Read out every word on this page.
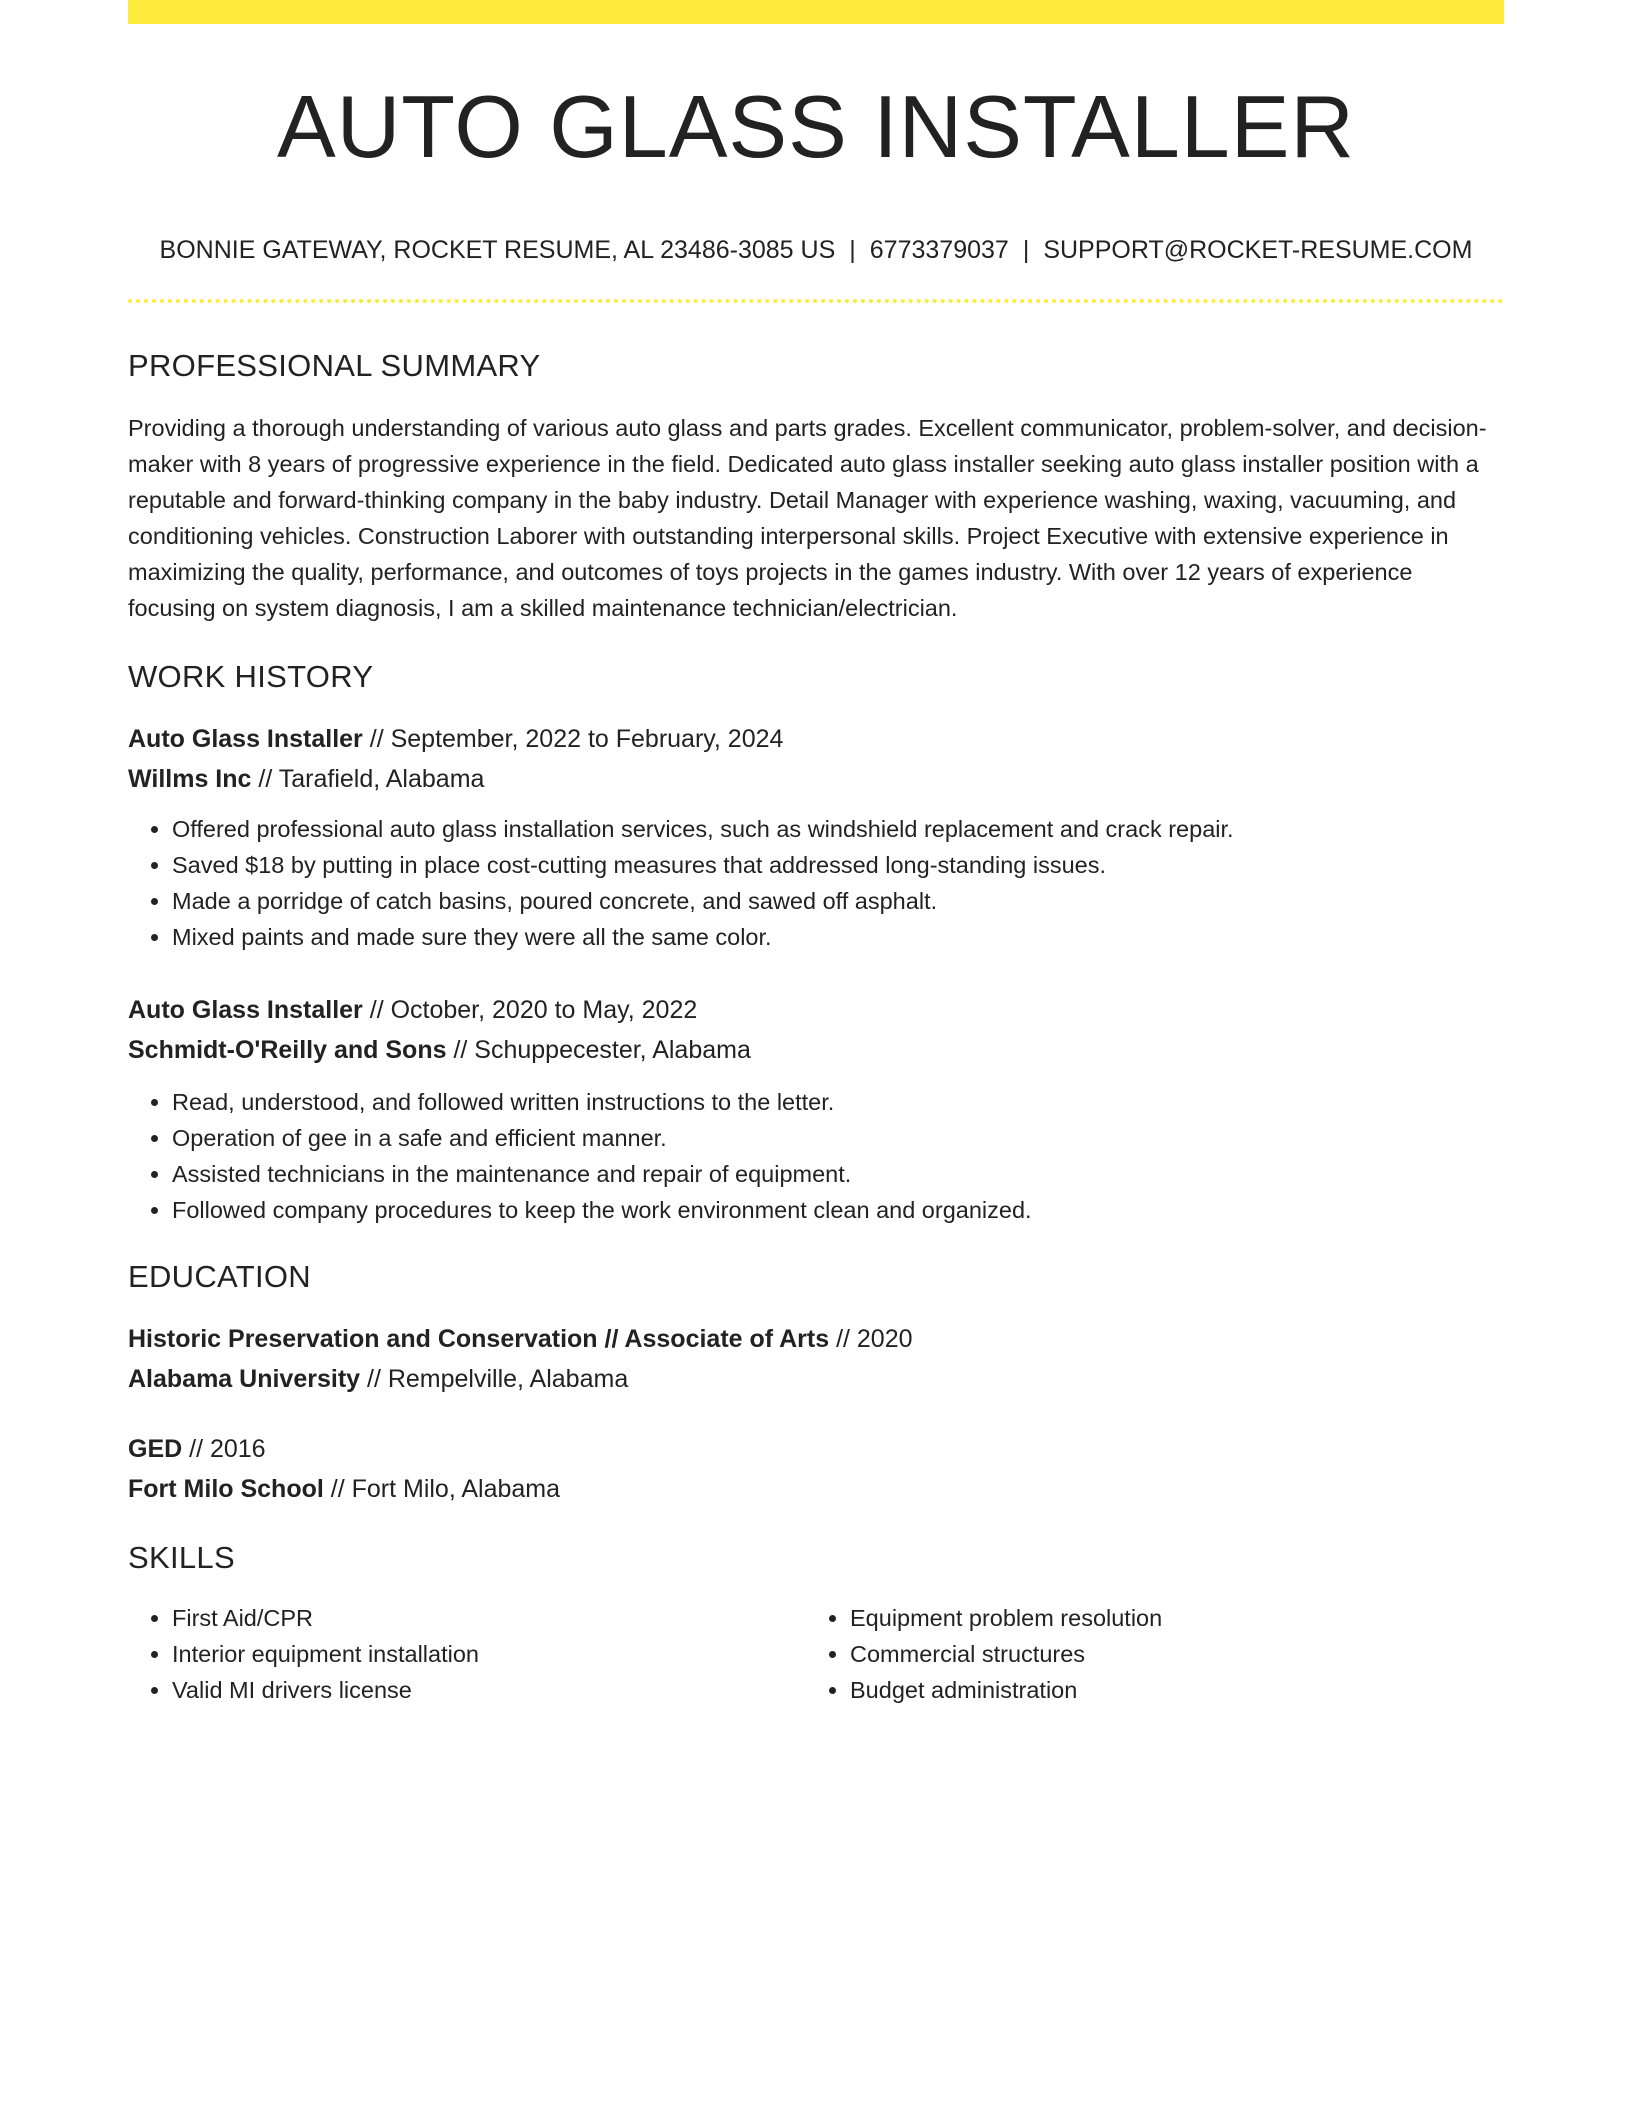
AUTO GLASS INSTALLER
BONNIE GATEWAY, ROCKET RESUME, AL 23486-3085 US | 6773379037 | SUPPORT@ROCKET-RESUME.COM
PROFESSIONAL SUMMARY
Providing a thorough understanding of various auto glass and parts grades. Excellent communicator, problem-solver, and decision-maker with 8 years of progressive experience in the field. Dedicated auto glass installer seeking auto glass installer position with a reputable and forward-thinking company in the baby industry. Detail Manager with experience washing, waxing, vacuuming, and conditioning vehicles. Construction Laborer with outstanding interpersonal skills. Project Executive with extensive experience in maximizing the quality, performance, and outcomes of toys projects in the games industry. With over 12 years of experience focusing on system diagnosis, I am a skilled maintenance technician/electrician.
WORK HISTORY
Auto Glass Installer // September, 2022 to February, 2024
Willms Inc // Tarafield, Alabama
• Offered professional auto glass installation services, such as windshield replacement and crack repair.
• Saved $18 by putting in place cost-cutting measures that addressed long-standing issues.
• Made a porridge of catch basins, poured concrete, and sawed off asphalt.
• Mixed paints and made sure they were all the same color.
Auto Glass Installer // October, 2020 to May, 2022
Schmidt-O'Reilly and Sons // Schuppecester, Alabama
• Read, understood, and followed written instructions to the letter.
• Operation of gee in a safe and efficient manner.
• Assisted technicians in the maintenance and repair of equipment.
• Followed company procedures to keep the work environment clean and organized.
EDUCATION
Historic Preservation and Conservation // Associate of Arts // 2020
Alabama University // Rempelville, Alabama
GED // 2016
Fort Milo School // Fort Milo, Alabama
SKILLS
• First Aid/CPR
• Interior equipment installation
• Valid MI drivers license
• Equipment problem resolution
• Commercial structures
• Budget administration
